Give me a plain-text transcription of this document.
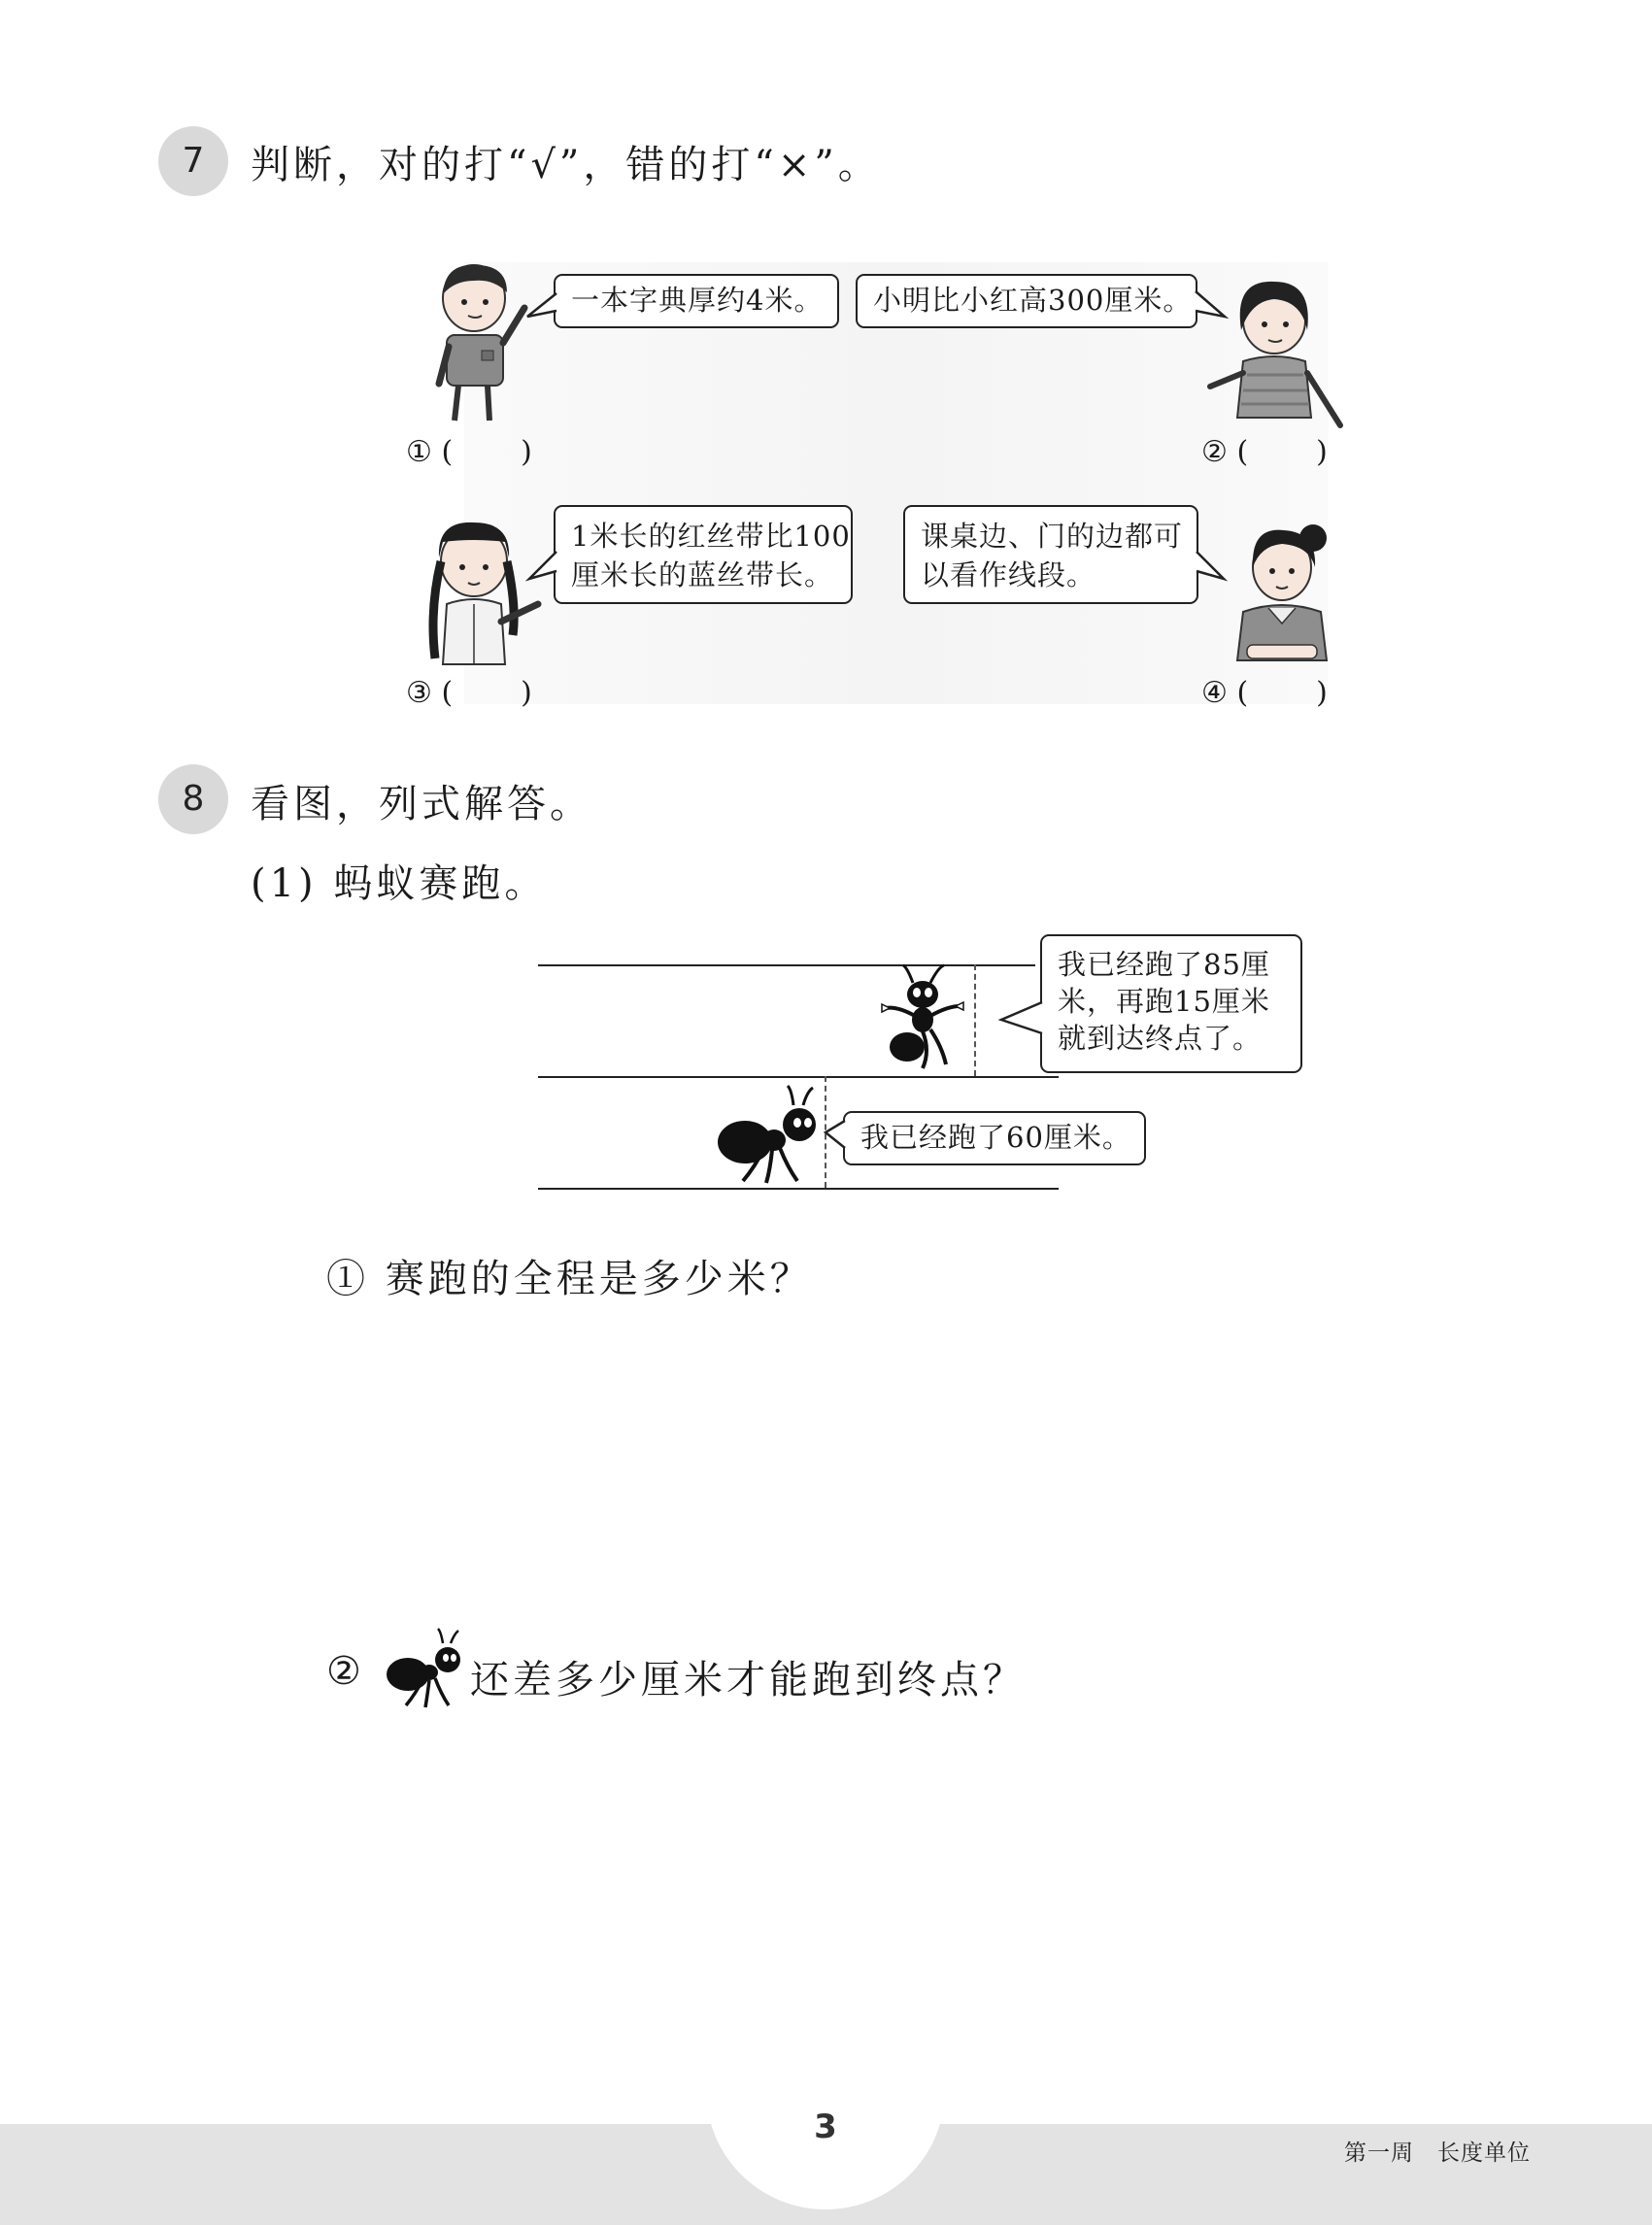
7	判断，对的打“√”，错的打“×”。
一本字典厚约4米。
① ( )
小明比小红高300厘米。
② ( )
1米长的红丝带比100
厘米长的蓝丝带长。
③ ( )
课桌边、门的边都可
以看作线段。
④ ( )
8	看图，列式解答。
(1) 蚂蚁赛跑。
我已经跑了85厘
米，再跑15厘米
就到达终点了。
我已经跑了60厘米。
① 赛跑的全程是多少米？
②	还差多少厘米才能跑到终点？
3
第一周　长度单位
